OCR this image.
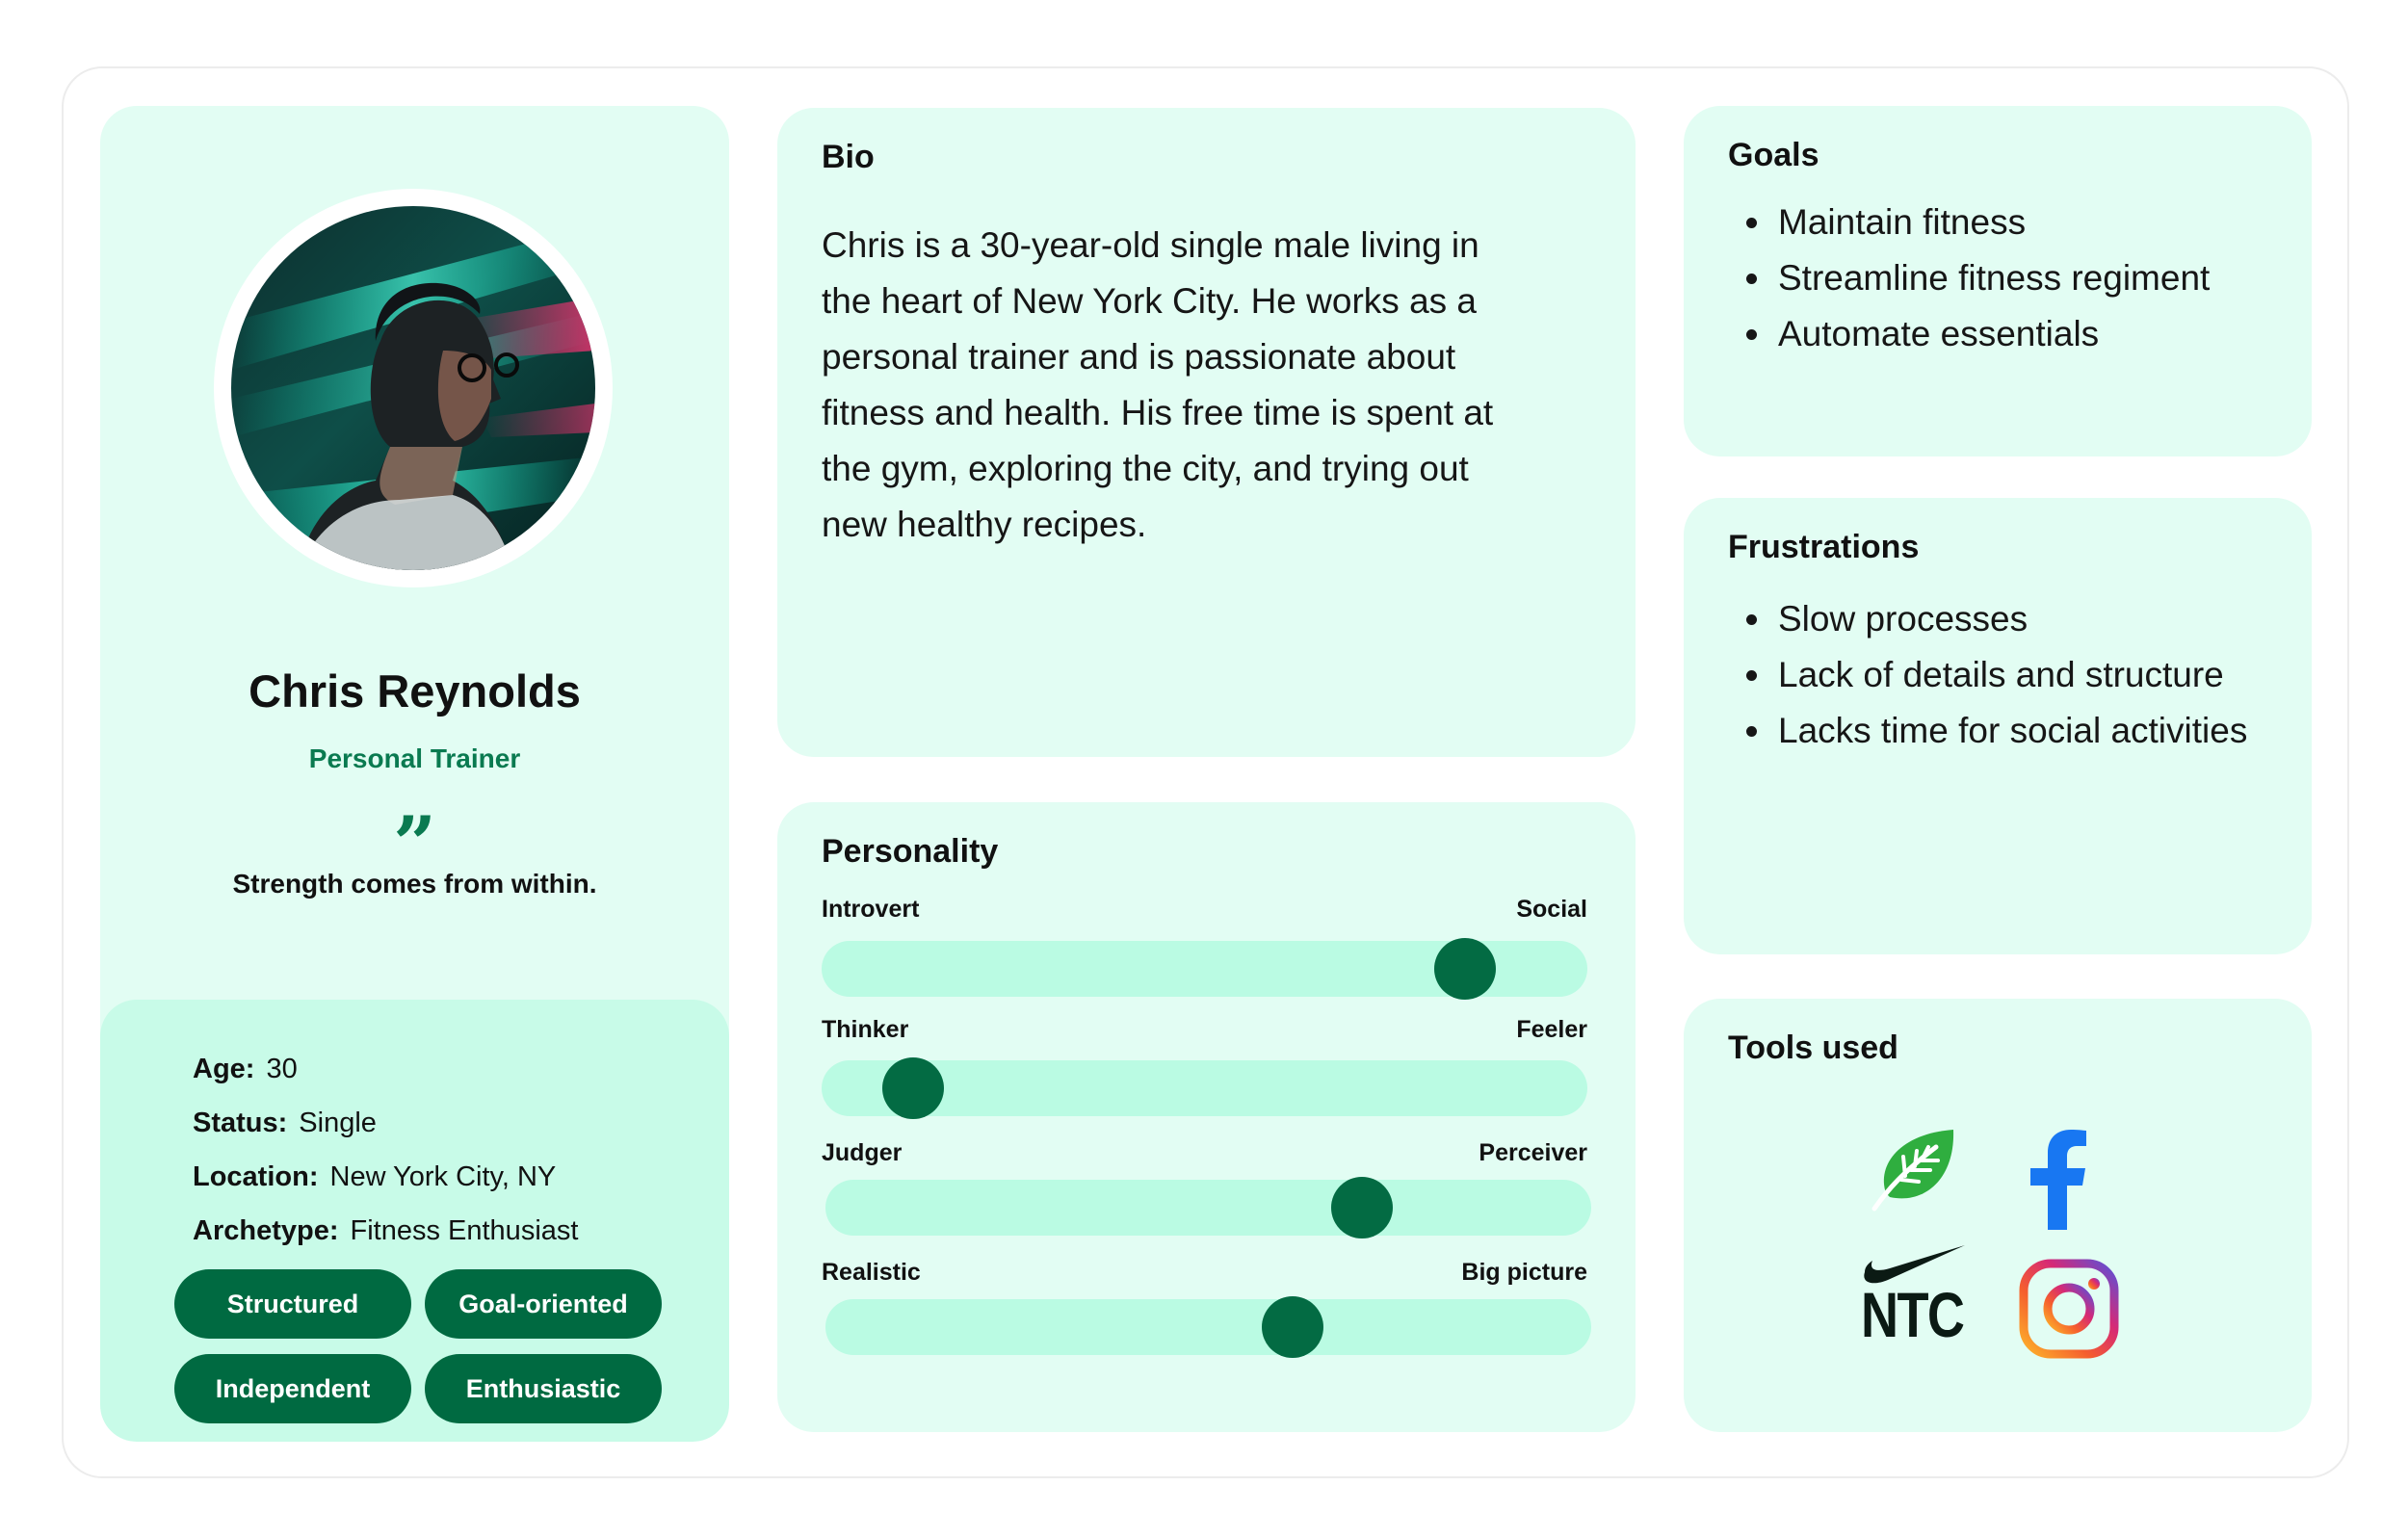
Chris Reynolds
Personal Trainer
”
Strength comes from within.
Age: 30
Status: Single
Location: New York City, NY
Archetype: Fitness Enthusiast
Structured	Goal-oriented
Independent	Enthusiastic
Bio

Chris is a 30-year-old single male living in the heart of New York City. He works as a personal trainer and is passionate about fitness and health. His free time is spent at the gym, exploring the city, and trying out new healthy recipes.

Personality
Introvert	Social
Thinker	Feeler
Judger	Perceiver
Realistic	Big picture
Goals
• Maintain fitness
• Streamline fitness regiment
• Automate essentials
Frustrations
• Slow processes
• Lack of details and structure
• Lacks time for social activities
Tools used
NTC
